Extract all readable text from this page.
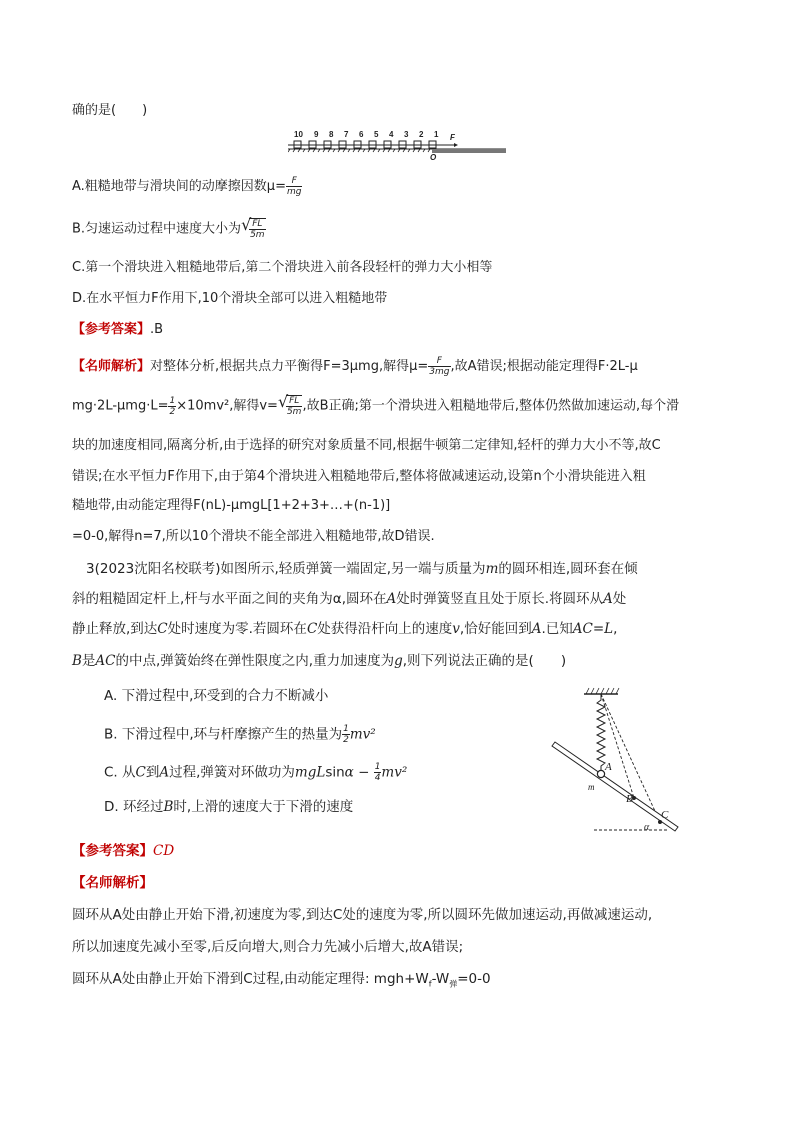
确的是(　　)
10 9 8 7 6 5 4 3 2 1 F
O
A.粗糙地带与滑块间的动摩擦因数$\mu= \frac{F}{mg}$
B.匀速运动过程中速度大小为 √ $\frac{FL}{5m}$
C.第一个滑块进入粗糙地带后,第二个滑块进入前各段轻杆的弹力大小相等
D.在水平恒力F作用下,10个滑块全部可以进入粗糙地带
【参考答案】.B
【名师解析】对整体分析,根据共点力平衡得F=3μmg,解得$\mu= \frac{F}{3mg}$ ,故A错误;根据动能定理得F·2L-μ
$mg\cdot 2L-\mu mg\cdot L= \frac{1}{2} \times 10mv^2$,解得v= √ $\frac{FL}{5m}$ ,故B正确;第一个滑块进入粗糙地带后,整体仍然做加速运动,每个滑
块的加速度相同,隔离分析,由于选择的研究对象质量不同,根据牛顿第二定律知,轻杆的弹力大小不等,故C
错误;在水平恒力F作用下,由于第4个滑块进入粗糙地带后,整体将做减速运动,设第n个小滑块能进入粗
糙地带,由动能定理得F(nL)-μmgL[1+2+3+…+(n-1)]
=0-0,解得n=7,所以10个滑块不能全部进入粗糙地带,故D错误.
3(2023沈阳名校联考)如图所示,轻质弹簧一端固定,另一端与质量为m的圆环相连,圆环套在倾
斜的粗糙固定杆上,杆与水平面之间的夹角为α,圆环在A处时弹簧竖直且处于原长.将圆环从A处
静止释放,到达C处时速度为零.若圆环在C处获得沿杆向上的速度v,恰好能回到A.已知AC=L,
B是AC的中点,弹簧始终在弹性限度之内,重力加速度为g,则下列说法正确的是(　　)
A. 下滑过程中,环受到的合力不断减小
B. 下滑过程中,环与杆摩擦产生的热量为 $\frac{1}{2} mv^2$
C. 从C到A过程,弹簧对环做功为$mgLsin\alpha - \frac{1}{4} mv^2$
D. 环经过B时,上滑的速度大于下滑的速度
A
m
B
C
α
【参考答案】CD
【名师解析】
圆环从A处由静止开始下滑,初速度为零,到达C处的速度为零,所以圆环先做加速运动,再做减速运动,
所以加速度先减小至零,后反向增大,则合力先减小后增大,故A错误;
圆环从A处由静止开始下滑到C过程,由动能定理得: $mgh+W_f-W_弹=0-0$
